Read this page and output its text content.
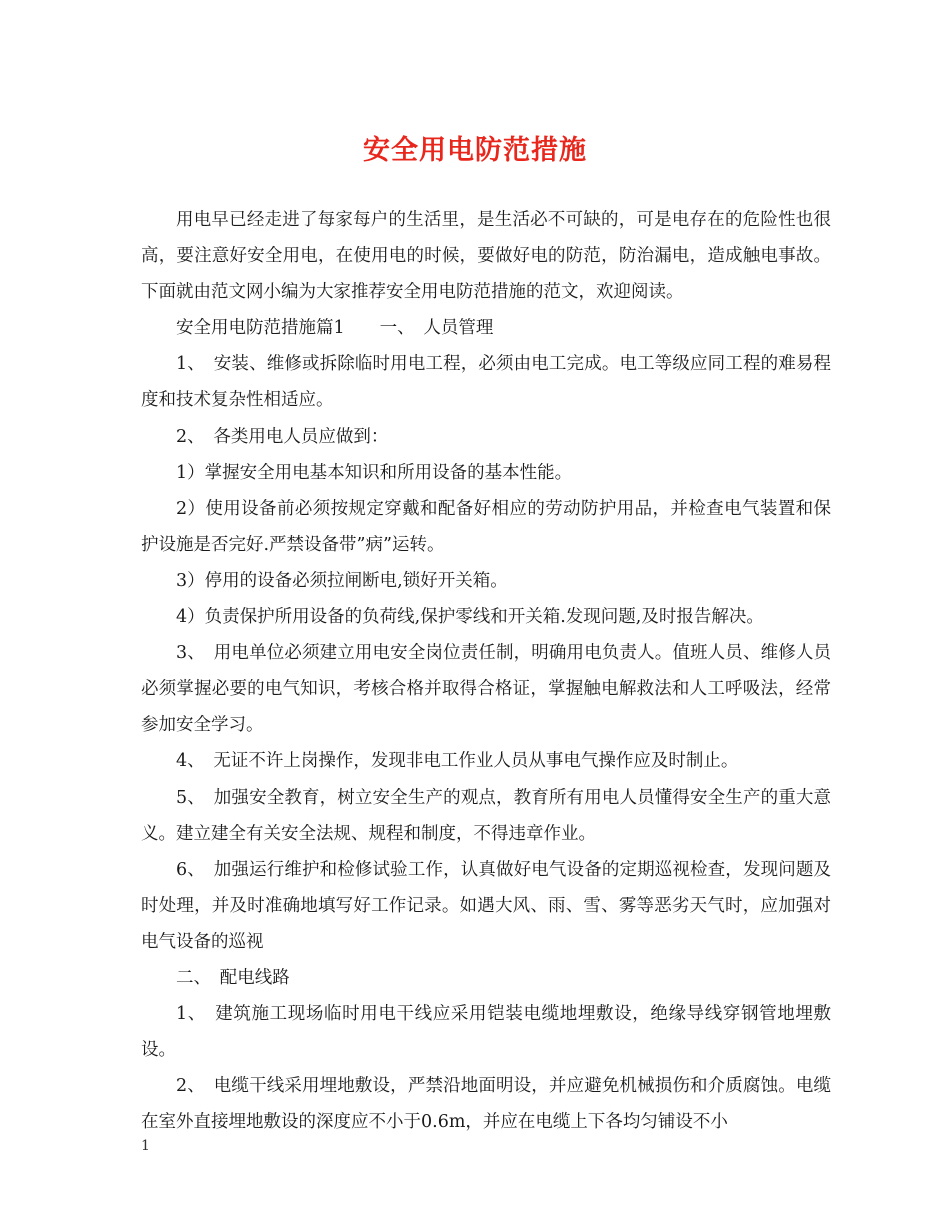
安全用电防范措施

用电早已经走进了每家每户的生活里，是生活必不可缺的，可是电存在的危险性也很高，要注意好安全用电，在使用电的时候，要做好电的防范，防治漏电，造成触电事故。下面就由范文网小编为大家推荐安全用电防范措施的范文，欢迎阅读。

安全用电防范措施篇1　　一、　人员管理

1、　安装、维修或拆除临时用电工程，必须由电工完成。电工等级应同工程的难易程度和技术复杂性相适应。

2、　各类用电人员应做到：

1）掌握安全用电基本知识和所用设备的基本性能。

2）使用设备前必须按规定穿戴和配备好相应的劳动防护用品，并检查电气装置和保护设施是否完好.严禁设备带”病”运转。

3）停用的设备必须拉闸断电,锁好开关箱。

4）负责保护所用设备的负荷线,保护零线和开关箱.发现问题,及时报告解决。

3、　用电单位必须建立用电安全岗位责任制，明确用电负责人。值班人员、维修人员必须掌握必要的电气知识，考核合格并取得合格证，掌握触电解救法和人工呼吸法，经常参加安全学习。

4、　无证不许上岗操作，发现非电工作业人员从事电气操作应及时制止。

5、　加强安全教育，树立安全生产的观点，教育所有用电人员懂得安全生产的重大意义。建立建全有关安全法规、规程和制度，不得违章作业。

6、　加强运行维护和检修试验工作，认真做好电气设备的定期巡视检查，发现问题及时处理，并及时准确地填写好工作记录。如遇大风、雨、雪、雾等恶劣天气时，应加强对电气设备的巡视

二、　配电线路

1、　建筑施工现场临时用电干线应采用铠装电缆地埋敷设，绝缘导线穿钢管地埋敷设。

2、　电缆干线采用埋地敷设，严禁沿地面明设，并应避免机械损伤和介质腐蚀。电缆在室外直接埋地敷设的深度应不小于0.6m，并应在电缆上下各均匀铺设不小

1
